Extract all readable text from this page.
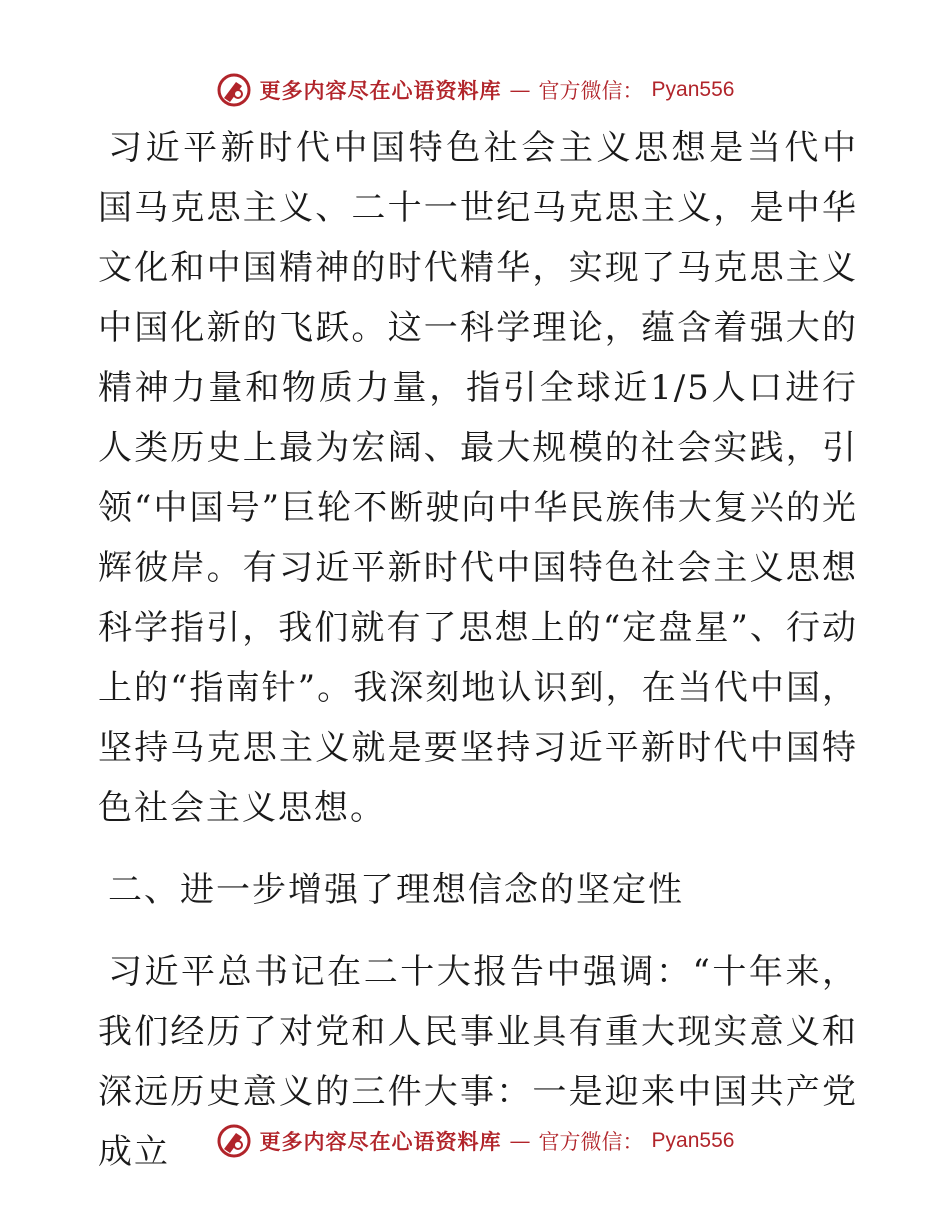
更多内容尽在心语资料库 — 官方微信： Pyan556

习近平新时代中国特色社会主义思想是当代中国马克思主义、二十一世纪马克思主义，是中华文化和中国精神的时代精华，实现了马克思主义中国化新的飞跃。这一科学理论，蕴含着强大的精神力量和物质力量，指引全球近1/5人口进行人类历史上最为宏阔、最大规模的社会实践，引领“中国号”巨轮不断驶向中华民族伟大复兴的光辉彼岸。有习近平新时代中国特色社会主义思想科学指引，我们就有了思想上的“定盘星”、行动上的“指南针”。我深刻地认识到，在当代中国，坚持马克思主义就是要坚持习近平新时代中国特色社会主义思想。

二、进一步增强了理想信念的坚定性

习近平总书记在二十大报告中强调：“十年来，我们经历了对党和人民事业具有重大现实意义和深远历史意义的三件大事：一是迎来中国共产党成立	更多内容尽在心语资料库 — 官方微信： Pyan556
